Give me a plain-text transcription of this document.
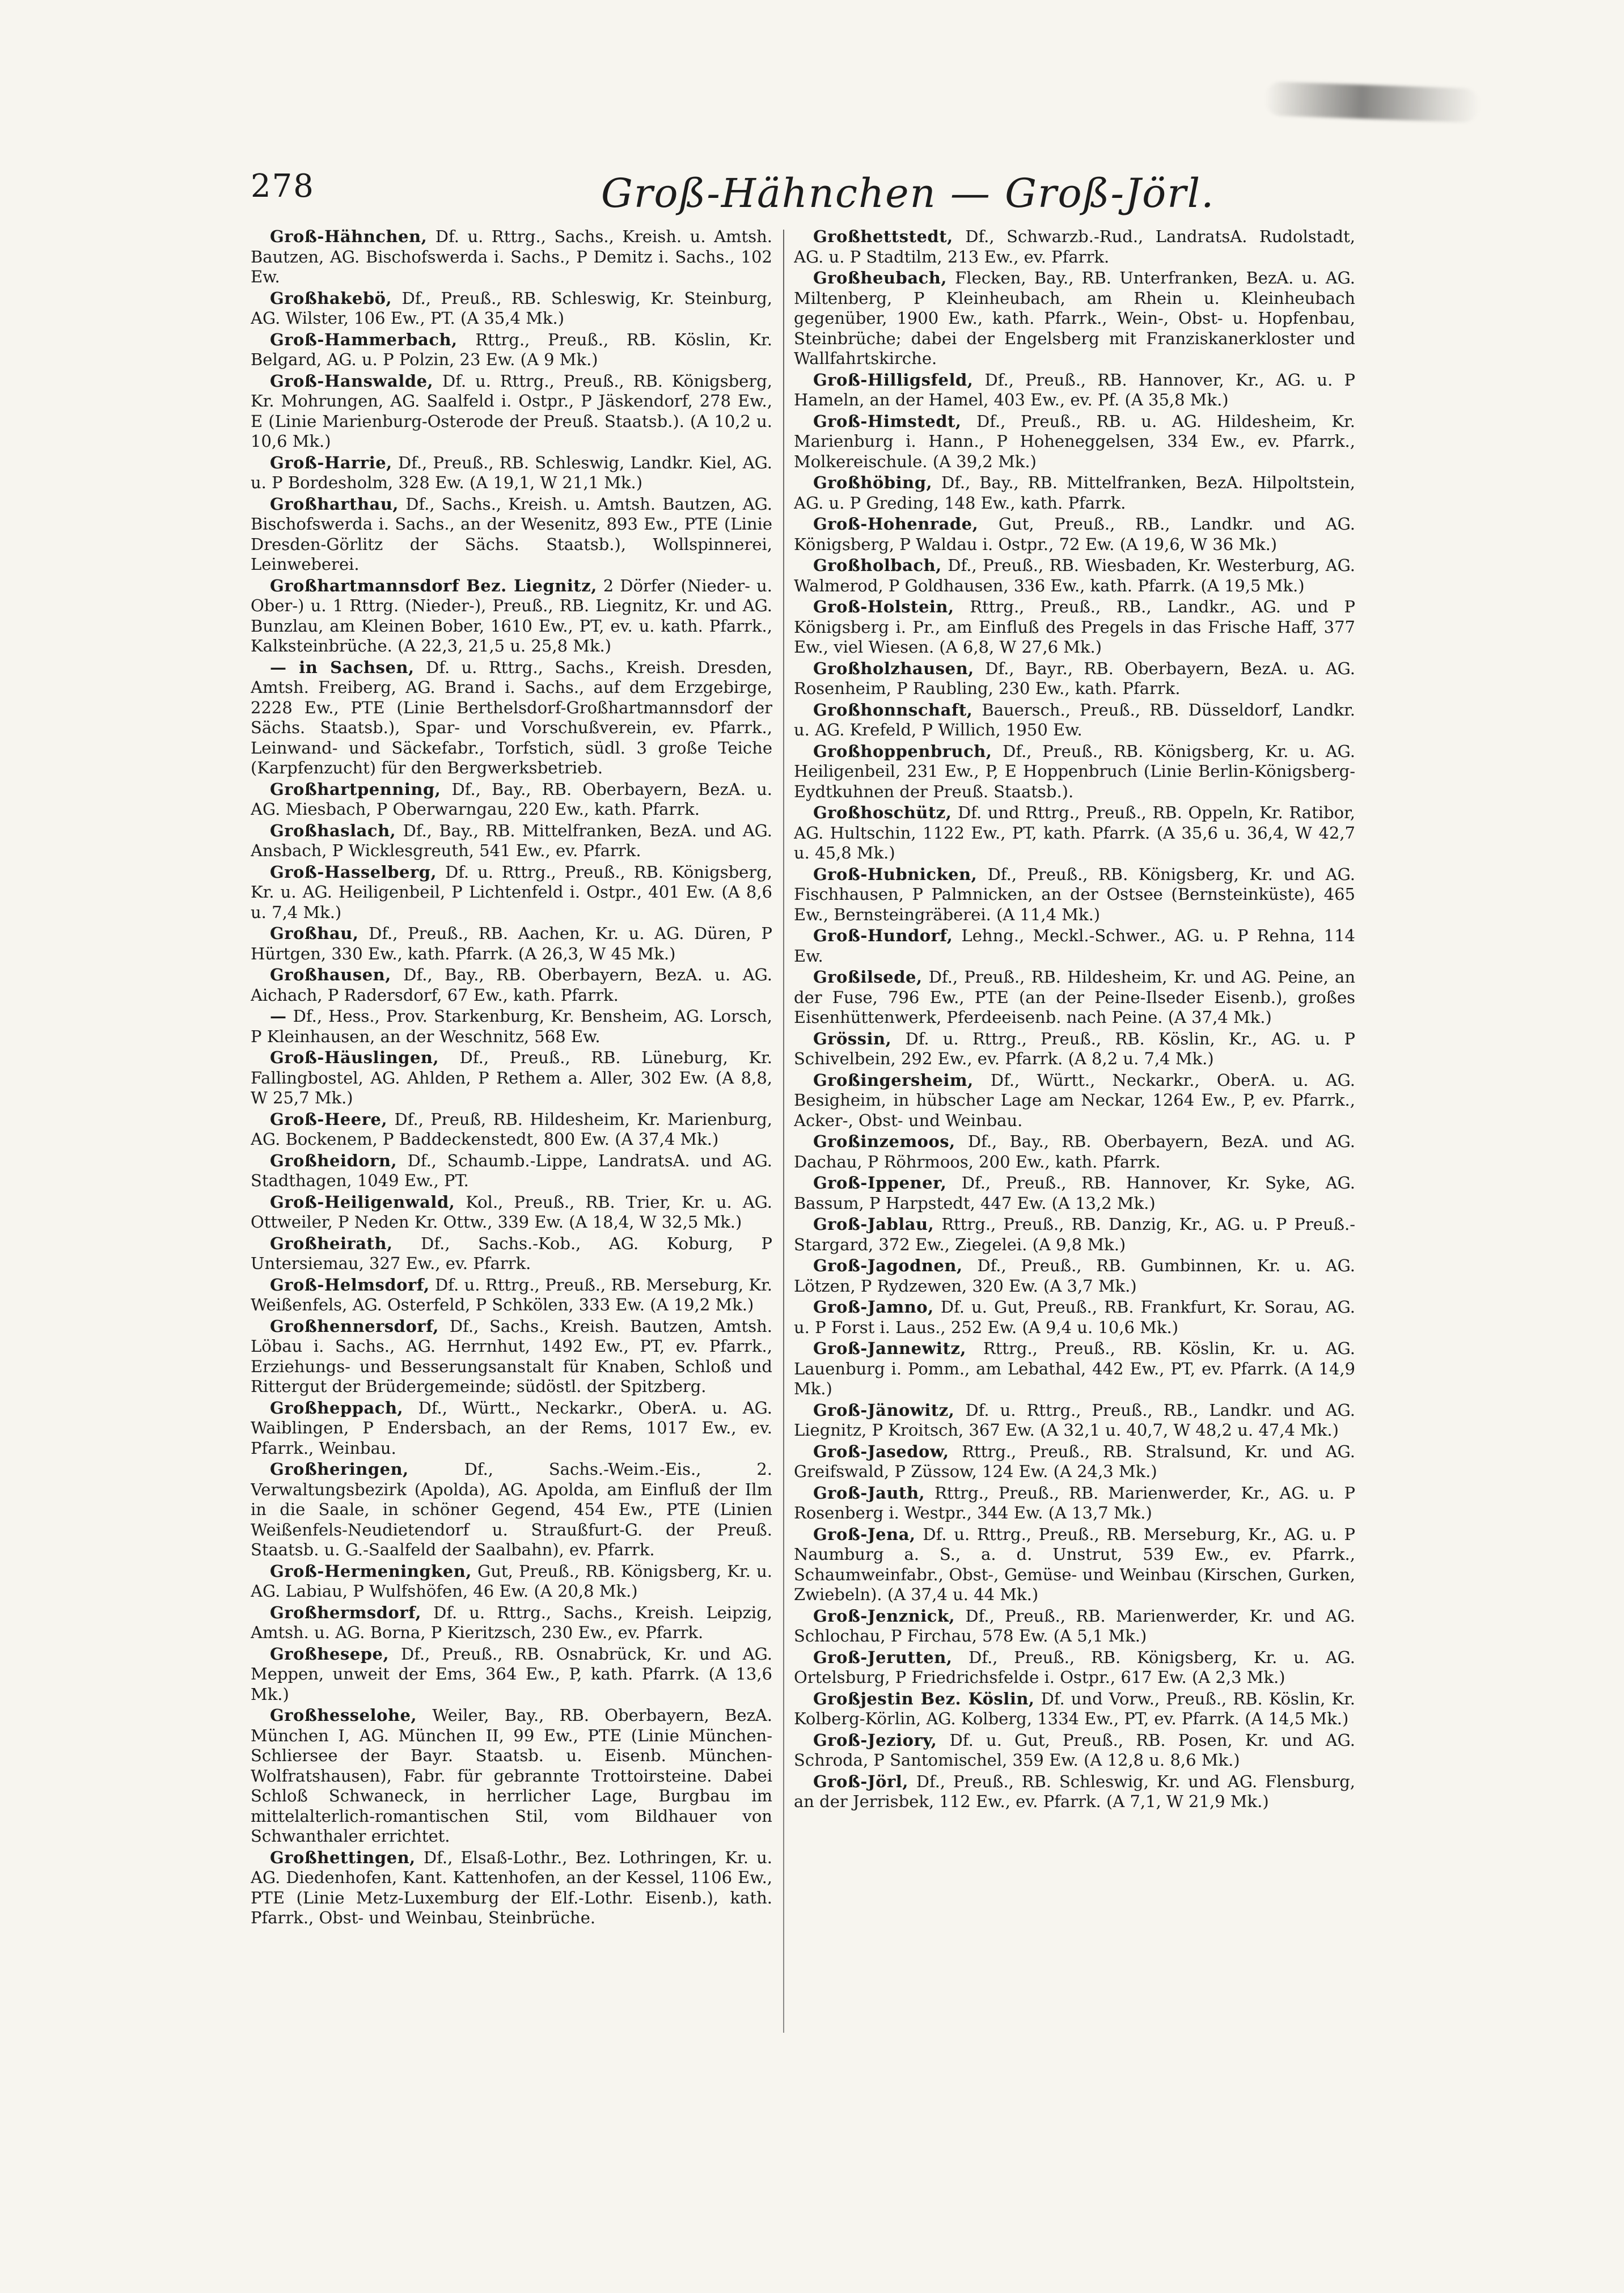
278	Groß-Hähnchen — Groß-Jörl.

Groß-Hähnchen, Df. u. Rttrg., Sachs., Kreish. u. Amtsh. Bautzen, AG. Bischofswerda i. Sachs., P Demitz i. Sachs., 102 Ew.

Großhakebö, Df., Preuß., RB. Schleswig, Kr. Steinburg, AG. Wilster, 106 Ew., PT. (A 35,4 Mk.)

Groß-Hammerbach, Rttrg., Preuß., RB. Köslin, Kr. Belgard, AG. u. P Polzin, 23 Ew. (A 9 Mk.)

Groß-Hanswalde, Df. u. Rttrg., Preuß., RB. Königsberg, Kr. Mohrungen, AG. Saalfeld i. Ostpr., P Jäskendorf, 278 Ew., E (Linie Marienburg-Osterode der Preuß. Staatsb.). (A 10,2 u. 10,6 Mk.)

Groß-Harrie, Df., Preuß., RB. Schleswig, Landkr. Kiel, AG. u. P Bordesholm, 328 Ew. (A 19,1, W 21,1 Mk.)

Großharthau, Df., Sachs., Kreish. u. Amtsh. Bautzen, AG. Bischofswerda i. Sachs., an der Wesenitz, 893 Ew., PTE (Linie Dresden-Görlitz der Sächs. Staatsb.), Wollspinnerei, Leinweberei.

Großhartmannsdorf Bez. Liegnitz, 2 Dörfer (Nieder- u. Ober-) u. 1 Rttrg. (Nieder-), Preuß., RB. Liegnitz, Kr. und AG. Bunzlau, am Kleinen Bober, 1610 Ew., PT, ev. u. kath. Pfarrk., Kalksteinbrüche. (A 22,3, 21,5 u. 25,8 Mk.)

— in Sachsen, Df. u. Rttrg., Sachs., Kreish. Dresden, Amtsh. Freiberg, AG. Brand i. Sachs., auf dem Erzgebirge, 2228 Ew., PTE (Linie Berthelsdorf-Großhartmannsdorf der Sächs. Staatsb.), Spar- und Vorschußverein, ev. Pfarrk., Leinwand- und Säckefabr., Torfstich, südl. 3 große Teiche (Karpfenzucht) für den Bergwerksbetrieb.

Großhartpenning, Df., Bay., RB. Oberbayern, BezA. u. AG. Miesbach, P Oberwarngau, 220 Ew., kath. Pfarrk.

Großhaslach, Df., Bay., RB. Mittelfranken, BezA. und AG. Ansbach, P Wicklesgreuth, 541 Ew., ev. Pfarrk.

Groß-Hasselberg, Df. u. Rttrg., Preuß., RB. Königsberg, Kr. u. AG. Heiligenbeil, P Lichtenfeld i. Ostpr., 401 Ew. (A 8,6 u. 7,4 Mk.)

Großhau, Df., Preuß., RB. Aachen, Kr. u. AG. Düren, P Hürtgen, 330 Ew., kath. Pfarrk. (A 26,3, W 45 Mk.)

Großhausen, Df., Bay., RB. Oberbayern, BezA. u. AG. Aichach, P Radersdorf, 67 Ew., kath. Pfarrk.

— Df., Hess., Prov. Starkenburg, Kr. Bensheim, AG. Lorsch, P Kleinhausen, an der Weschnitz, 568 Ew.

Groß-Häuslingen, Df., Preuß., RB. Lüneburg, Kr. Fallingbostel, AG. Ahlden, P Rethem a. Aller, 302 Ew. (A 8,8, W 25,7 Mk.)

Groß-Heere, Df., Preuß, RB. Hildesheim, Kr. Marienburg, AG. Bockenem, P Baddeckenstedt, 800 Ew. (A 37,4 Mk.)

Großheidorn, Df., Schaumb.-Lippe, LandratsA. und AG. Stadthagen, 1049 Ew., PT.

Groß-Heiligenwald, Kol., Preuß., RB. Trier, Kr. u. AG. Ottweiler, P Neden Kr. Ottw., 339 Ew. (A 18,4, W 32,5 Mk.)

Großheirath, Df., Sachs.-Kob., AG. Koburg, P Untersiemau, 327 Ew., ev. Pfarrk.

Groß-Helmsdorf, Df. u. Rttrg., Preuß., RB. Merseburg, Kr. Weißenfels, AG. Osterfeld, P Schkölen, 333 Ew. (A 19,2 Mk.)

Großhennersdorf, Df., Sachs., Kreish. Bautzen, Amtsh. Löbau i. Sachs., AG. Herrnhut, 1492 Ew., PT, ev. Pfarrk., Erziehungs- und Besserungsanstalt für Knaben, Schloß und Rittergut der Brüdergemeinde; südöstl. der Spitzberg.

Großheppach, Df., Württ., Neckarkr., OberA. u. AG. Waiblingen, P Endersbach, an der Rems, 1017 Ew., ev. Pfarrk., Weinbau.

Großheringen, Df., Sachs.-Weim.-Eis., 2. Verwaltungsbezirk (Apolda), AG. Apolda, am Einfluß der Ilm in die Saale, in schöner Gegend, 454 Ew., PTE (Linien Weißenfels-Neudietendorf u. Straußfurt-G. der Preuß. Staatsb. u. G.-Saalfeld der Saalbahn), ev. Pfarrk.

Groß-Hermeningken, Gut, Preuß., RB. Königsberg, Kr. u. AG. Labiau, P Wulfshöfen, 46 Ew. (A 20,8 Mk.)

Großhermsdorf, Df. u. Rttrg., Sachs., Kreish. Leipzig, Amtsh. u. AG. Borna, P Kieritzsch, 230 Ew., ev. Pfarrk.

Großhesepe, Df., Preuß., RB. Osnabrück, Kr. und AG. Meppen, unweit der Ems, 364 Ew., P, kath. Pfarrk. (A 13,6 Mk.)

Großhesselohe, Weiler, Bay., RB. Oberbayern, BezA. München I, AG. München II, 99 Ew., PTE (Linie München-Schliersee der Bayr. Staatsb. u. Eisenb. München-Wolfratshausen), Fabr. für gebrannte Trottoirsteine. Dabei Schloß Schwaneck, in herrlicher Lage, Burgbau im mittelalterlich-romantischen Stil, vom Bildhauer von Schwanthaler errichtet.

Großhettingen, Df., Elsaß-Lothr., Bez. Lothringen, Kr. u. AG. Diedenhofen, Kant. Kattenhofen, an der Kessel, 1106 Ew., PTE (Linie Metz-Luxemburg der Elf.-Lothr. Eisenb.), kath. Pfarrk., Obst- und Weinbau, Steinbrüche.

Großhettstedt, Df., Schwarzb.-Rud., LandratsA. Rudolstadt, AG. u. P Stadtilm, 213 Ew., ev. Pfarrk.

Großheubach, Flecken, Bay., RB. Unterfranken, BezA. u. AG. Miltenberg, P Kleinheubach, am Rhein u. Kleinheubach gegenüber, 1900 Ew., kath. Pfarrk., Wein-, Obst- u. Hopfenbau, Steinbrüche; dabei der Engelsberg mit Franziskanerkloster und Wallfahrtskirche.

Groß-Hilligsfeld, Df., Preuß., RB. Hannover, Kr., AG. u. P Hameln, an der Hamel, 403 Ew., ev. Pf. (A 35,8 Mk.)

Groß-Himstedt, Df., Preuß., RB. u. AG. Hildesheim, Kr. Marienburg i. Hann., P Hoheneggelsen, 334 Ew., ev. Pfarrk., Molkereischule. (A 39,2 Mk.)

Großhöbing, Df., Bay., RB. Mittelfranken, BezA. Hilpoltstein, AG. u. P Greding, 148 Ew., kath. Pfarrk.

Groß-Hohenrade, Gut, Preuß., RB., Landkr. und AG. Königsberg, P Waldau i. Ostpr., 72 Ew. (A 19,6, W 36 Mk.)

Großholbach, Df., Preuß., RB. Wiesbaden, Kr. Westerburg, AG. Walmerod, P Goldhausen, 336 Ew., kath. Pfarrk. (A 19,5 Mk.)

Groß-Holstein, Rttrg., Preuß., RB., Landkr., AG. und P Königsberg i. Pr., am Einfluß des Pregels in das Frische Haff, 377 Ew., viel Wiesen. (A 6,8, W 27,6 Mk.)

Großholzhausen, Df., Bayr., RB. Oberbayern, BezA. u. AG. Rosenheim, P Raubling, 230 Ew., kath. Pfarrk.

Großhonnschaft, Bauersch., Preuß., RB. Düsseldorf, Landkr. u. AG. Krefeld, P Willich, 1950 Ew.

Großhoppenbruch, Df., Preuß., RB. Königsberg, Kr. u. AG. Heiligenbeil, 231 Ew., P, E Hoppenbruch (Linie Berlin-Königsberg-Eydtkuhnen der Preuß. Staatsb.).

Großhoschütz, Df. und Rttrg., Preuß., RB. Oppeln, Kr. Ratibor, AG. Hultschin, 1122 Ew., PT, kath. Pfarrk. (A 35,6 u. 36,4, W 42,7 u. 45,8 Mk.)

Groß-Hubnicken, Df., Preuß., RB. Königsberg, Kr. und AG. Fischhausen, P Palmnicken, an der Ostsee (Bernsteinküste), 465 Ew., Bernsteingräberei. (A 11,4 Mk.)

Groß-Hundorf, Lehng., Meckl.-Schwer., AG. u. P Rehna, 114 Ew.

Großilsede, Df., Preuß., RB. Hildesheim, Kr. und AG. Peine, an der Fuse, 796 Ew., PTE (an der Peine-Ilseder Eisenb.), großes Eisenhüttenwerk, Pferdeeisenb. nach Peine. (A 37,4 Mk.)

Grössin, Df. u. Rttrg., Preuß., RB. Köslin, Kr., AG. u. P Schivelbein, 292 Ew., ev. Pfarrk. (A 8,2 u. 7,4 Mk.)

Großingersheim, Df., Württ., Neckarkr., OberA. u. AG. Besigheim, in hübscher Lage am Neckar, 1264 Ew., P, ev. Pfarrk., Acker-, Obst- und Weinbau.

Großinzemoos, Df., Bay., RB. Oberbayern, BezA. und AG. Dachau, P Röhrmoos, 200 Ew., kath. Pfarrk.

Groß-Ippener, Df., Preuß., RB. Hannover, Kr. Syke, AG. Bassum, P Harpstedt, 447 Ew. (A 13,2 Mk.)

Groß-Jablau, Rttrg., Preuß., RB. Danzig, Kr., AG. u. P Preuß.-Stargard, 372 Ew., Ziegelei. (A 9,8 Mk.)

Groß-Jagodnen, Df., Preuß., RB. Gumbinnen, Kr. u. AG. Lötzen, P Rydzewen, 320 Ew. (A 3,7 Mk.)

Groß-Jamno, Df. u. Gut, Preuß., RB. Frankfurt, Kr. Sorau, AG. u. P Forst i. Laus., 252 Ew. (A 9,4 u. 10,6 Mk.)

Groß-Jannewitz, Rttrg., Preuß., RB. Köslin, Kr. u. AG. Lauenburg i. Pomm., am Lebathal, 442 Ew., PT, ev. Pfarrk. (A 14,9 Mk.)

Groß-Jänowitz, Df. u. Rttrg., Preuß., RB., Landkr. und AG. Liegnitz, P Kroitsch, 367 Ew. (A 32,1 u. 40,7, W 48,2 u. 47,4 Mk.)

Groß-Jasedow, Rttrg., Preuß., RB. Stralsund, Kr. und AG. Greifswald, P Züssow, 124 Ew. (A 24,3 Mk.)

Groß-Jauth, Rttrg., Preuß., RB. Marienwerder, Kr., AG. u. P Rosenberg i. Westpr., 344 Ew. (A 13,7 Mk.)

Groß-Jena, Df. u. Rttrg., Preuß., RB. Merseburg, Kr., AG. u. P Naumburg a. S., a. d. Unstrut, 539 Ew., ev. Pfarrk., Schaumweinfabr., Obst-, Gemüse- und Weinbau (Kirschen, Gurken, Zwiebeln). (A 37,4 u. 44 Mk.)

Groß-Jenznick, Df., Preuß., RB. Marienwerder, Kr. und AG. Schlochau, P Firchau, 578 Ew. (A 5,1 Mk.)

Groß-Jerutten, Df., Preuß., RB. Königsberg, Kr. u. AG. Ortelsburg, P Friedrichsfelde i. Ostpr., 617 Ew. (A 2,3 Mk.)

Großjestin Bez. Köslin, Df. und Vorw., Preuß., RB. Köslin, Kr. Kolberg-Körlin, AG. Kolberg, 1334 Ew., PT, ev. Pfarrk. (A 14,5 Mk.)

Groß-Jeziory, Df. u. Gut, Preuß., RB. Posen, Kr. und AG. Schroda, P Santomischel, 359 Ew. (A 12,8 u. 8,6 Mk.)

Groß-Jörl, Df., Preuß., RB. Schleswig, Kr. und AG. Flensburg, an der Jerrisbek, 112 Ew., ev. Pfarrk. (A 7,1, W 21,9 Mk.)
